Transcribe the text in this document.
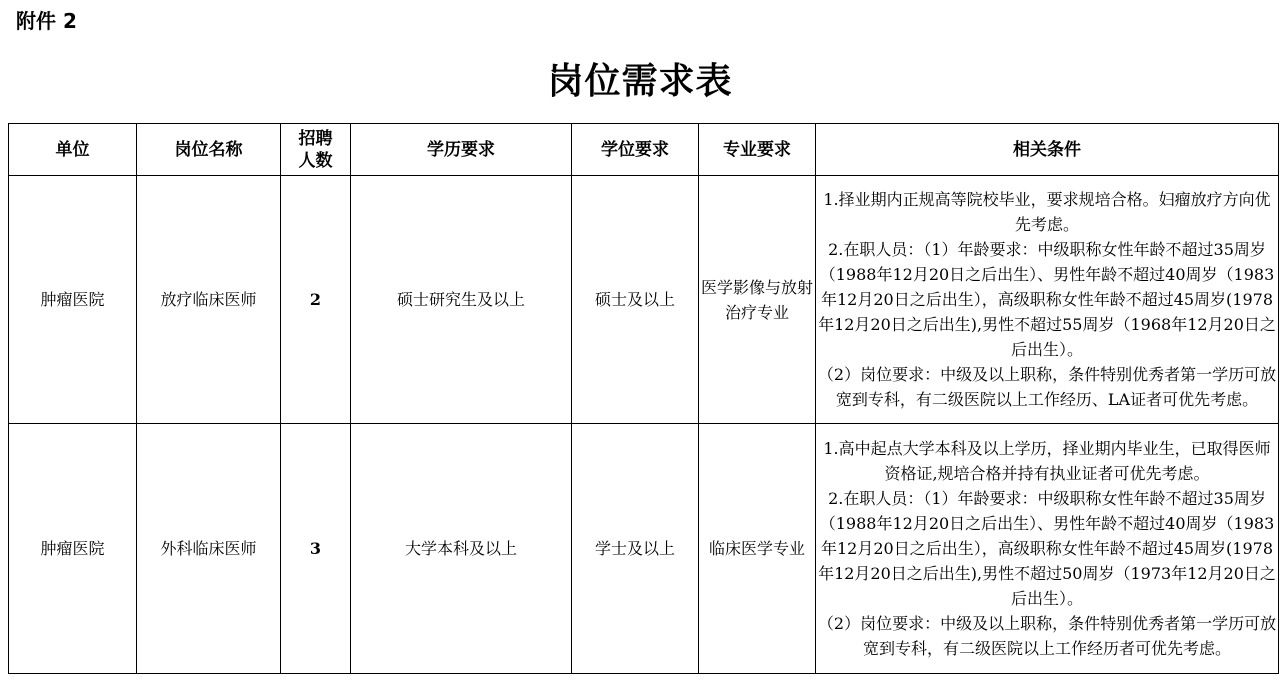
附件 2
岗位需求表
单位	岗位名称	招聘人数	学历要求	学位要求	专业要求	相关条件
肿瘤医院	放疗临床医师	2	硕士研究生及以上	硕士及以上	医学影像与放射治疗专业	1.择业期内正规高等院校毕业，要求规培合格。妇瘤放疗方向优先考虑。
2.在职人员：（1）年龄要求：中级职称女性年龄不超过35周岁（1988年12月20日之后出生）、男性年龄不超过40周岁（1983年12月20日之后出生），高级职称女性年龄不超过45周岁(1978年12月20日之后出生),男性不超过55周岁（1968年12月20日之后出生）。
（2）岗位要求：中级及以上职称，条件特别优秀者第一学历可放宽到专科，有二级医院以上工作经历、LA证者可优先考虑。

肿瘤医院	外科临床医师	3	大学本科及以上	学士及以上	临床医学专业	1.高中起点大学本科及以上学历，择业期内毕业生，已取得医师资格证,规培合格并持有执业证者可优先考虑。
2.在职人员：（1）年龄要求：中级职称女性年龄不超过35周岁（1988年12月20日之后出生）、男性年龄不超过40周岁（1983年12月20日之后出生），高级职称女性年龄不超过45周岁(1978年12月20日之后出生),男性不超过50周岁（1973年12月20日之后出生）。
（2）岗位要求：中级及以上职称，条件特别优秀者第一学历可放宽到专科，有二级医院以上工作经历者可优先考虑。
